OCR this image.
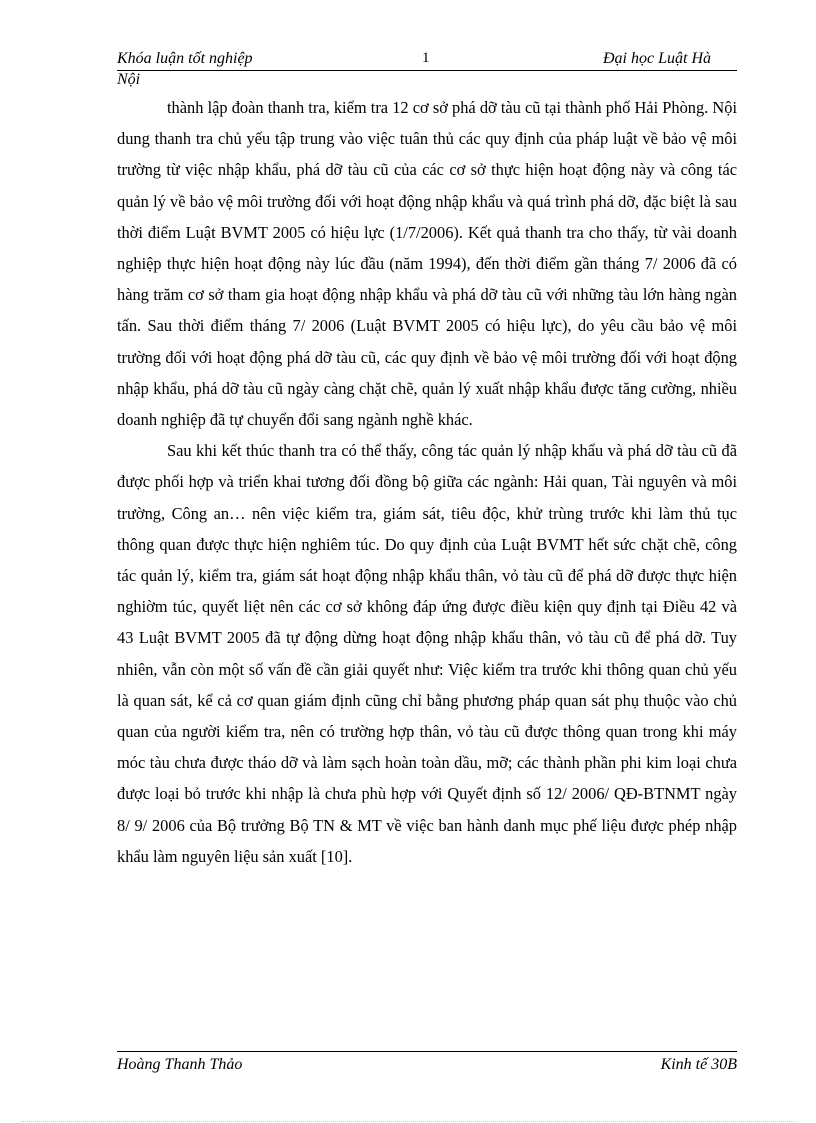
Khóa luận tốt nghiệp	1	Đại học Luật Hà
Nội

thành lập đoàn thanh tra, kiểm tra 12 cơ sở phá dỡ tàu cũ tại thành phố Hải Phòng. Nội dung thanh tra chủ yếu tập trung vào việc tuân thủ các quy định của pháp luật về bảo vệ môi trường từ việc nhập khẩu, phá dỡ tàu cũ của các cơ sở thực hiện hoạt động này và công tác quản lý về bảo vệ môi trường đối với hoạt động nhập khẩu và quá trình phá dỡ, đặc biệt là sau thời điểm Luật BVMT 2005 có hiệu lực (1/7/2006). Kết quả thanh tra cho thấy, từ vài doanh nghiệp thực hiện hoạt động này lúc đầu (năm 1994), đến thời điểm gần tháng 7/ 2006 đã có hàng trăm cơ sở tham gia hoạt động nhập khẩu và phá dỡ tàu cũ với những tàu lớn hàng ngàn tấn. Sau thời điểm tháng 7/ 2006 (Luật BVMT 2005 có hiệu lực), do yêu cầu bảo vệ môi trường đối với hoạt động phá dỡ tàu cũ, các quy định về bảo vệ môi trường đối với hoạt động nhập khẩu, phá dỡ tàu cũ ngày càng chặt chẽ, quản lý xuất nhập khẩu được tăng cường, nhiều doanh nghiệp đã tự chuyển đổi sang ngành nghề khác.

Sau khi kết thúc thanh tra có thể thấy, công tác quản lý nhập khẩu và phá dỡ tàu cũ đã được phối hợp và triển khai tương đối đồng bộ giữa các ngành: Hải quan, Tài nguyên và môi trường, Công an… nên việc kiểm tra, giám sát, tiêu độc, khử trùng trước khi làm thủ tục thông quan được thực hiện nghiêm túc. Do quy định của Luật BVMT hết sức chặt chẽ, công tác quản lý, kiểm tra, giám sát hoạt động nhập khẩu thân, vỏ tàu cũ để phá dỡ được thực hiện nghiờm túc, quyết liệt nên các cơ sở không đáp ứng được điều kiện quy định tại Điều 42 và 43 Luật BVMT 2005 đã tự động dừng hoạt động nhập khẩu thân, vỏ tàu cũ để phá dỡ. Tuy nhiên, vẫn còn một số vấn đề cần giải quyết như: Việc kiểm tra trước khi thông quan chủ yếu là quan sát, kể cả cơ quan giám định cũng chỉ bằng phương pháp quan sát phụ thuộc vào chủ quan của người kiểm tra, nên có trường hợp thân, vỏ tàu cũ được thông quan trong khi máy móc tàu chưa được tháo dỡ và làm sạch hoàn toàn dầu, mỡ; các thành phần phi kim loại chưa được loại bỏ trước khi nhập là chưa phù hợp với Quyết định số 12/ 2006/ QĐ-BTNMT ngày 8/ 9/ 2006 của Bộ trưởng Bộ TN & MT về việc ban hành danh mục phế liệu được phép nhập khẩu làm nguyên liệu sản xuất [10].

Hoàng Thanh Thảo	Kinh tế 30B
